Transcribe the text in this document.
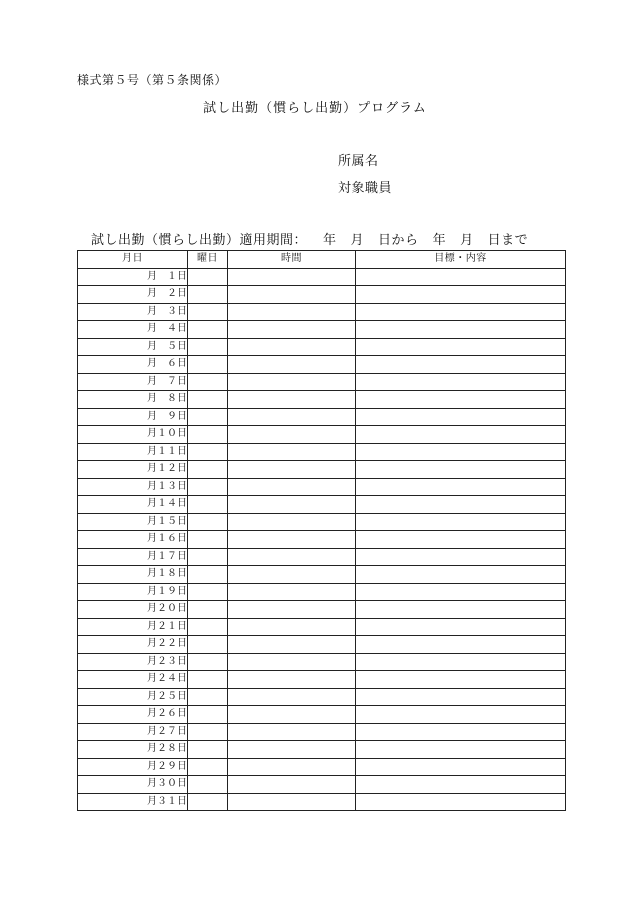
様式第５号（第５条関係）
試し出勤（慣らし出勤）プログラム
所属名
対象職員
試し出勤（慣らし出勤）適用期間： 年 月 日から 年 月 日まで
月日	曜日	時間	目標・内容
月　１日			
月　２日			
月　３日			
月　４日			
月　５日			
月　６日			
月　７日			
月　８日			
月　９日			
月１０日			
月１１日			
月１２日			
月１３日			
月１４日			
月１５日			
月１６日			
月１７日			
月１８日			
月１９日			
月２０日			
月２１日			
月２２日			
月２３日			
月２４日			
月２５日			
月２６日			
月２７日			
月２８日			
月２９日			
月３０日			
月３１日			
